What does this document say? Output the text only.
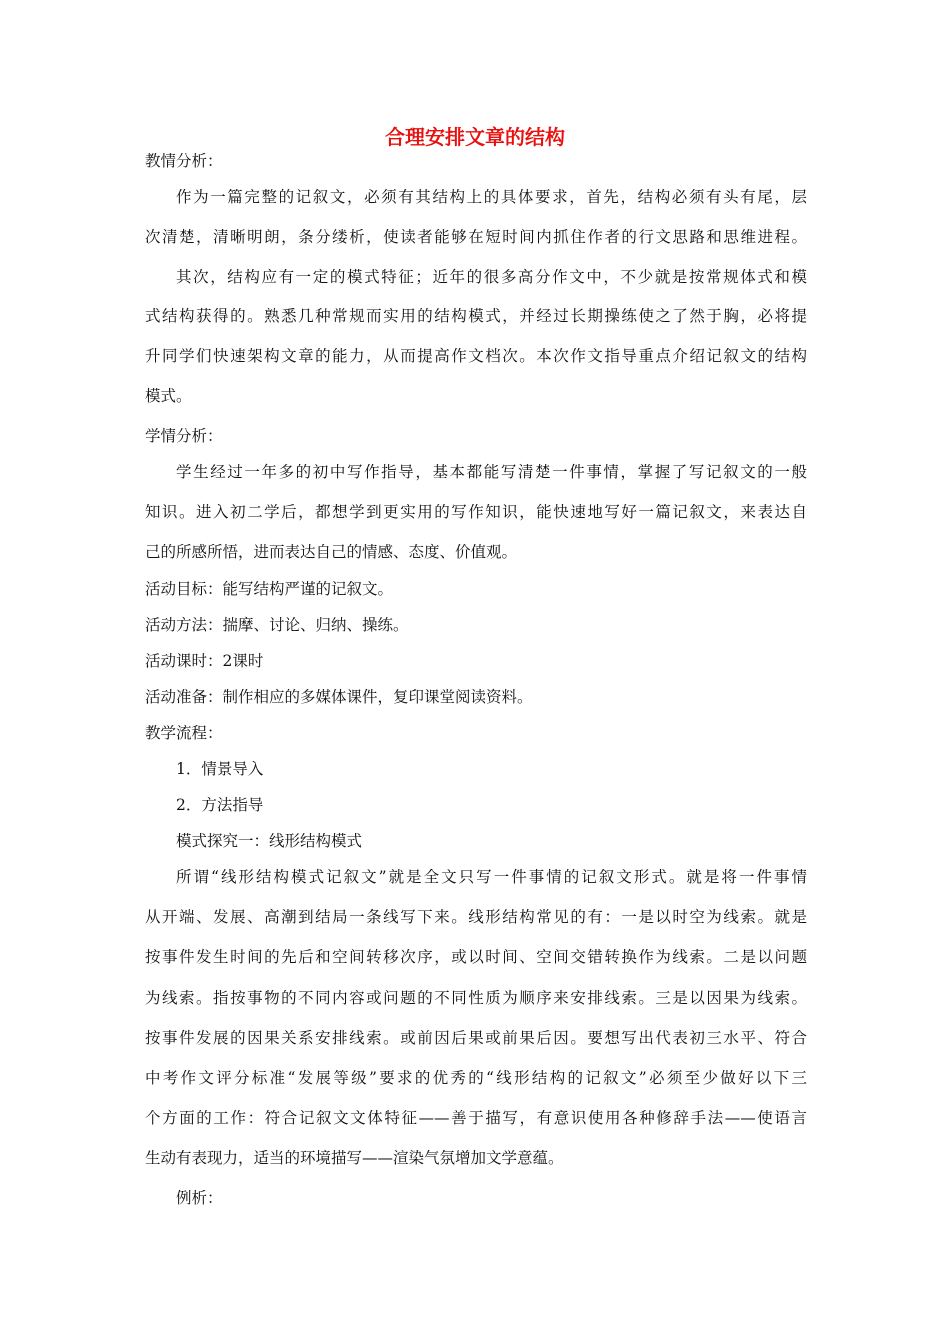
合理安排文章的结构
教情分析：
作为一篇完整的记叙文，必须有其结构上的具体要求，首先，结构必须有头有尾，层
次清楚，清晰明朗，条分缕析，使读者能够在短时间内抓住作者的行文思路和思维进程。
其次，结构应有一定的模式特征；近年的很多高分作文中，不少就是按常规体式和模
式结构获得的。熟悉几种常规而实用的结构模式，并经过长期操练使之了然于胸，必将提
升同学们快速架构文章的能力，从而提高作文档次。本次作文指导重点介绍记叙文的结构
模式。
学情分析：
学生经过一年多的初中写作指导，基本都能写清楚一件事情，掌握了写记叙文的一般
知识。进入初二学后，都想学到更实用的写作知识，能快速地写好一篇记叙文，来表达自
己的所感所悟，进而表达自己的情感、态度、价值观。
活动目标：能写结构严谨的记叙文。
活动方法：揣摩、讨论、归纳、操练。
活动课时：2课时
活动准备：制作相应的多媒体课件，复印课堂阅读资料。
教学流程：
1．情景导入
2．方法指导
模式探究一：线形结构模式
所谓“线形结构模式记叙文”就是全文只写一件事情的记叙文形式。就是将一件事情
从开端、发展、高潮到结局一条线写下来。线形结构常见的有：一是以时空为线索。就是
按事件发生时间的先后和空间转移次序，或以时间、空间交错转换作为线索。二是以问题
为线索。指按事物的不同内容或问题的不同性质为顺序来安排线索。三是以因果为线索。
按事件发展的因果关系安排线索。或前因后果或前果后因。要想写出代表初三水平、符合
中考作文评分标准“发展等级”要求的优秀的“线形结构的记叙文”必须至少做好以下三
个方面的工作：符合记叙文文体特征——善于描写，有意识使用各种修辞手法——使语言
生动有表现力，适当的环境描写——渲染气氛增加文学意蕴。
例析：
